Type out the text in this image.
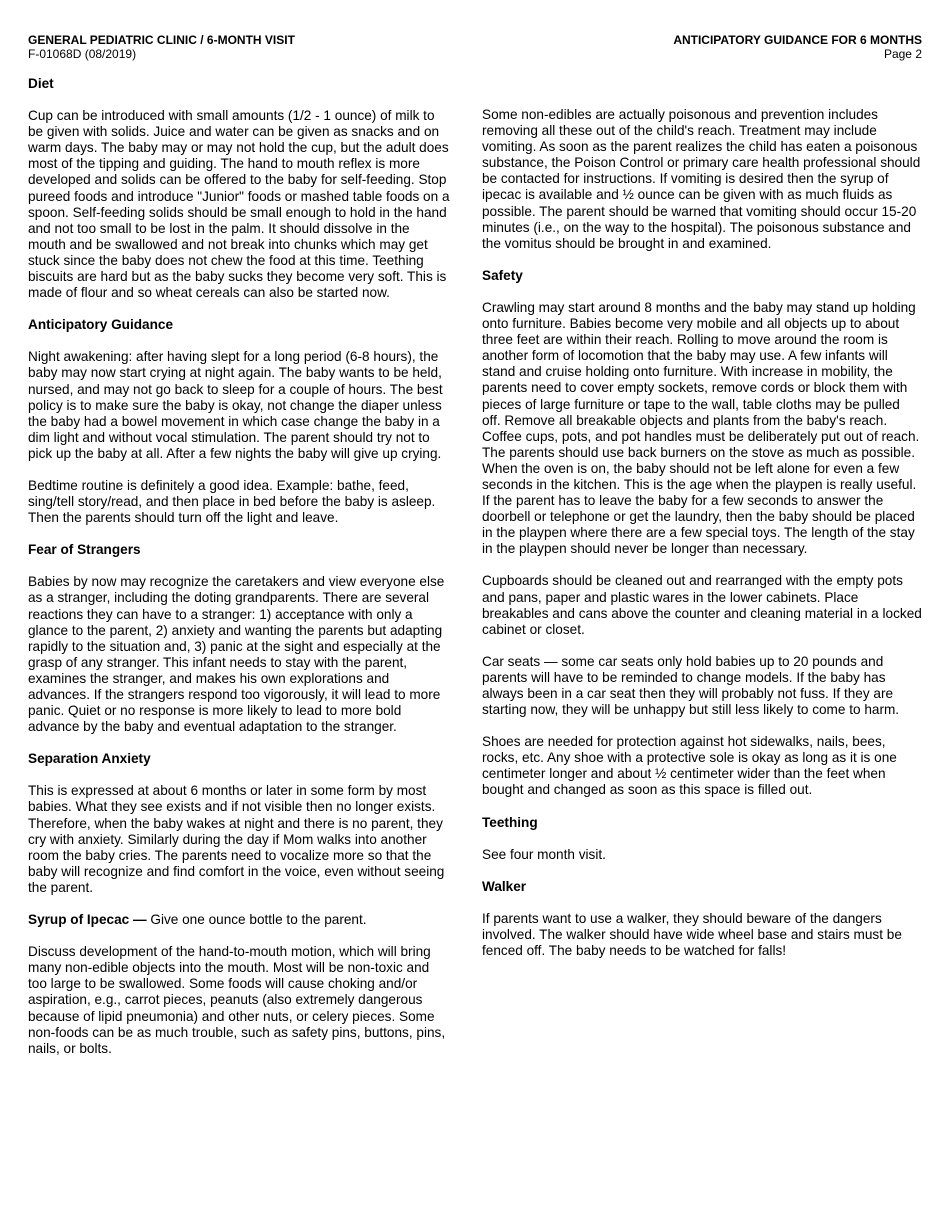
GENERAL PEDIATRIC CLINIC / 6-MONTH VISIT
F-01068D (08/2019)
ANTICIPATORY GUIDANCE FOR 6 MONTHS
Page 2
Diet
Cup can be introduced with small amounts (1/2 - 1 ounce) of milk to be given with solids. Juice and water can be given as snacks and on warm days. The baby may or may not hold the cup, but the adult does most of the tipping and guiding. The hand to mouth reflex is more developed and solids can be offered to the baby for self-feeding. Stop pureed foods and introduce "Junior" foods or mashed table foods on a spoon. Self-feeding solids should be small enough to hold in the hand and not too small to be lost in the palm. It should dissolve in the mouth and be swallowed and not break into chunks which may get stuck since the baby does not chew the food at this time. Teething biscuits are hard but as the baby sucks they become very soft. This is made of flour and so wheat cereals can also be started now.
Anticipatory Guidance
Night awakening: after having slept for a long period (6-8 hours), the baby may now start crying at night again. The baby wants to be held, nursed, and may not go back to sleep for a couple of hours. The best policy is to make sure the baby is okay, not change the diaper unless the baby had a bowel movement in which case change the baby in a dim light and without vocal stimulation. The parent should try not to pick up the baby at all. After a few nights the baby will give up crying.
Bedtime routine is definitely a good idea. Example: bathe, feed, sing/tell story/read, and then place in bed before the baby is asleep. Then the parents should turn off the light and leave.
Fear of Strangers
Babies by now may recognize the caretakers and view everyone else as a stranger, including the doting grandparents. There are several reactions they can have to a stranger: 1) acceptance with only a glance to the parent, 2) anxiety and wanting the parents but adapting rapidly to the situation and, 3) panic at the sight and especially at the grasp of any stranger. This infant needs to stay with the parent, examines the stranger, and makes his own explorations and advances. If the strangers respond too vigorously, it will lead to more panic. Quiet or no response is more likely to lead to more bold advance by the baby and eventual adaptation to the stranger.
Separation Anxiety
This is expressed at about 6 months or later in some form by most babies. What they see exists and if not visible then no longer exists. Therefore, when the baby wakes at night and there is no parent, they cry with anxiety. Similarly during the day if Mom walks into another room the baby cries. The parents need to vocalize more so that the baby will recognize and find comfort in the voice, even without seeing the parent.
Syrup of Ipecac — Give one ounce bottle to the parent.
Discuss development of the hand-to-mouth motion, which will bring many non-edible objects into the mouth. Most will be non-toxic and too large to be swallowed. Some foods will cause choking and/or aspiration, e.g., carrot pieces, peanuts (also extremely dangerous because of lipid pneumonia) and other nuts, or celery pieces. Some non-foods can be as much trouble, such as safety pins, buttons, pins, nails, or bolts.
Some non-edibles are actually poisonous and prevention includes removing all these out of the child's reach. Treatment may include vomiting. As soon as the parent realizes the child has eaten a poisonous substance, the Poison Control or primary care health professional should be contacted for instructions. If vomiting is desired then the syrup of ipecac is available and ½ ounce can be given with as much fluids as possible. The parent should be warned that vomiting should occur 15-20 minutes (i.e., on the way to the hospital). The poisonous substance and the vomitus should be brought in and examined.
Safety
Crawling may start around 8 months and the baby may stand up holding onto furniture. Babies become very mobile and all objects up to about three feet are within their reach. Rolling to move around the room is another form of locomotion that the baby may use. A few infants will stand and cruise holding onto furniture. With increase in mobility, the parents need to cover empty sockets, remove cords or block them with pieces of large furniture or tape to the wall, table cloths may be pulled off. Remove all breakable objects and plants from the baby's reach. Coffee cups, pots, and pot handles must be deliberately put out of reach. The parents should use back burners on the stove as much as possible. When the oven is on, the baby should not be left alone for even a few seconds in the kitchen. This is the age when the playpen is really useful. If the parent has to leave the baby for a few seconds to answer the doorbell or telephone or get the laundry, then the baby should be placed in the playpen where there are a few special toys. The length of the stay in the playpen should never be longer than necessary.
Cupboards should be cleaned out and rearranged with the empty pots and pans, paper and plastic wares in the lower cabinets. Place breakables and cans above the counter and cleaning material in a locked cabinet or closet.
Car seats — some car seats only hold babies up to 20 pounds and parents will have to be reminded to change models. If the baby has always been in a car seat then they will probably not fuss. If they are starting now, they will be unhappy but still less likely to come to harm.
Shoes are needed for protection against hot sidewalks, nails, bees, rocks, etc. Any shoe with a protective sole is okay as long as it is one centimeter longer and about ½ centimeter wider than the feet when bought and changed as soon as this space is filled out.
Teething
See four month visit.
Walker
If parents want to use a walker, they should beware of the dangers involved. The walker should have wide wheel base and stairs must be fenced off. The baby needs to be watched for falls!
